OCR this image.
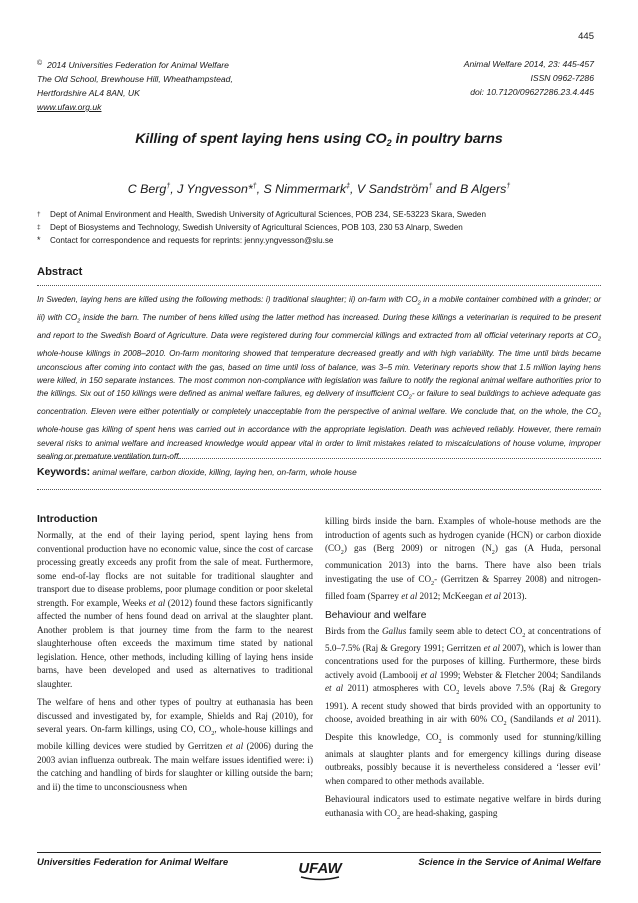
445
© 2014 Universities Federation for Animal Welfare
The Old School, Brewhouse Hill, Wheathampstead,
Hertfordshire AL4 8AN, UK
www.ufaw.org.uk
Animal Welfare 2014, 23: 445-457
ISSN 0962-7286
doi: 10.7120/09627286.23.4.445
Killing of spent laying hens using $CO_2$ in poultry barns
C Berg†, J Yngvesson*†, S Nimmermark‡, V Sandström† and B Algers†
† Dept of Animal Environment and Health, Swedish University of Agricultural Sciences, POB 234, SE-53223 Skara, Sweden
‡ Dept of Biosystems and Technology, Swedish University of Agricultural Sciences, POB 103, 230 53 Alnarp, Sweden
* Contact for correspondence and requests for reprints: jenny.yngvesson@slu.se
Abstract
In Sweden, laying hens are killed using the following methods: i) traditional slaughter; ii) on-farm with $CO_2$ in a mobile container combined with a grinder; or iii) with $CO_2$ inside the barn. The number of hens killed using the latter method has increased. During these killings a veterinarian is required to be present and report to the Swedish Board of Agriculture. Data were registered during four commercial killings and extracted from all official veterinary reports at $CO_2$ whole-house killings in 2008–2010. On-farm monitoring showed that temperature decreased greatly and with high variability. The time until birds became unconscious after coming into contact with the gas, based on time until loss of balance, was 3–5 min. Veterinary reports show that 1.5 million laying hens were killed, in 150 separate instances. The most common non-compliance with legislation was failure to notify the regional animal welfare authorities prior to the killings. Six out of 150 killings were defined as animal welfare failures, eg delivery of insufficient $CO_2-$ or failure to seal buildings to achieve adequate gas concentration. Eleven were either potentially or completely unacceptable from the perspective of animal welfare. We conclude that, on the whole, the $CO_2$ whole-house gas killing of spent hens was carried out in accordance with the appropriate legislation. Death was achieved reliably. However, there remain several risks to animal welfare and increased knowledge would appear vital in order to limit mistakes related to miscalculations of house volume, improper sealing or premature ventilation turn-off.
Keywords: animal welfare, carbon dioxide, killing, laying hen, on-farm, whole house
Introduction

Normally, at the end of their laying period, spent laying hens from conventional production have no economic value, since the cost of carcase processing greatly exceeds any profit from the sale of meat. Furthermore, some end-of-lay flocks are not suitable for traditional slaughter and transport due to disease problems, poor plumage condition or poor skeletal strength. For example, Weeks et al (2012) found these factors significantly affected the number of hens found dead on arrival at the slaughter plant. Another problem is that journey time from the farm to the nearest slaughterhouse often exceeds the maximum time stated by national legislation. Hence, other methods, including killing of laying hens inside barns, have been developed and used as alternatives to traditional slaughter.

The welfare of hens and other types of poultry at euthanasia has been discussed and investigated by, for example, Shields and Raj (2010), for several years. On-farm killings, using CO, $CO_2$, whole-house killings and mobile killing devices were studied by Gerritzen et al (2006) during the 2003 avian influenza outbreak. The main welfare issues identified were: i) the catching and handling of birds for slaughter or killing outside the barn; and ii) the time to unconsciousness when

killing birds inside the barn. Examples of whole-house methods are the introduction of agents such as hydrogen cyanide (HCN) or carbon dioxide $(CO_2)$ gas (Berg 2009) or nitrogen $(N_2)$ gas (A Huda, personal communication 2013) into the barns. There have also been trials investigating the use of $CO_2-$ (Gerritzen & Sparrey 2008) and nitrogen-filled foam (Sparrey et al 2012; McKeegan et al 2013).

Behaviour and welfare

Birds from the Gallus family seem able to detect $CO_2$ at concentrations of 5.0–7.5% (Raj & Gregory 1991; Gerritzen et al 2007), which is lower than concentrations used for the purposes of killing. Furthermore, these birds actively avoid (Lambooij et al 1999; Webster & Fletcher 2004; Sandilands et al 2011) atmospheres with $CO_2$ levels above 7.5% (Raj & Gregory 1991). A recent study showed that birds provided with an opportunity to choose, avoided breathing in air with 60% $CO_2$ (Sandilands et al 2011). Despite this knowledge, $CO_2$ is commonly used for stunning/killing animals at slaughter plants and for emergency killings during disease outbreaks, possibly because it is nevertheless considered a ‘lesser evil’ when compared to other methods available.

Behavioural indicators used to estimate negative welfare in birds during euthanasia with $CO_2$ are head-shaking, gasping

Universities Federation for Animal Welfare	UFAW	Science in the Service of Animal Welfare
